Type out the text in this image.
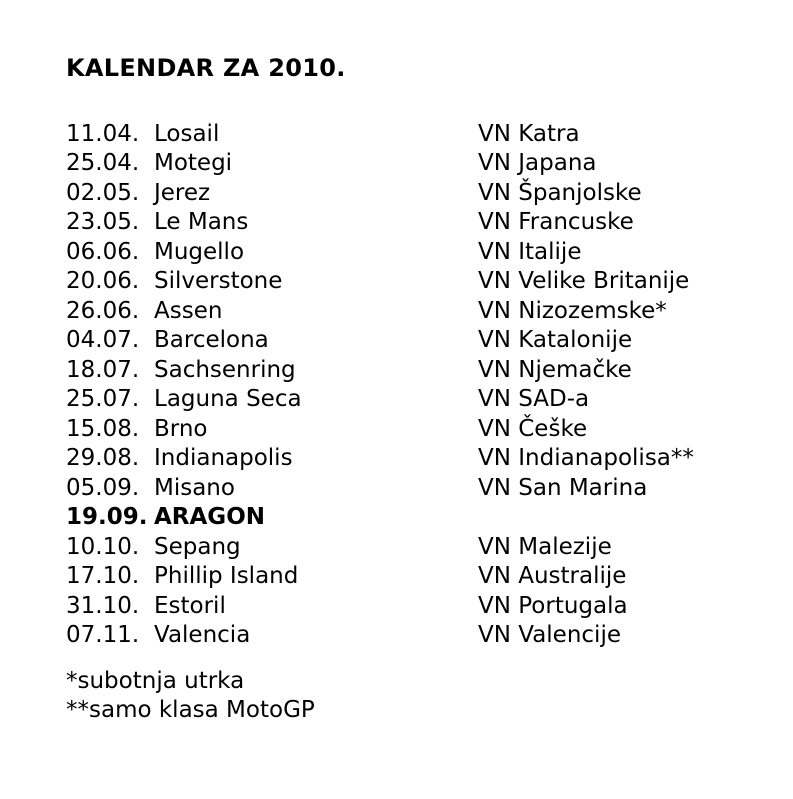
KALENDAR ZA 2010.
11.04. Losail	VN Katra
25.04. Motegi	VN Japana
02.05. Jerez	VN Španjolske
23.05. Le Mans	VN Francuske
06.06. Mugello	VN Italije
20.06. Silverstone	VN Velike Britanije
26.06. Assen	VN Nizozemske*
04.07. Barcelona	VN Katalonije
18.07. Sachsenring	VN Njemačke
25.07. Laguna Seca	VN SAD-a
15.08. Brno	VN Češke
29.08. Indianapolis	VN Indianapolisa**
05.09. Misano	VN San Marina
19.09. ARAGON
10.10. Sepang	VN Malezije
17.10. Phillip Island	VN Australije
31.10. Estoril	VN Portugala
07.11. Valencia	VN Valencije
*subotnja utrka
**samo klasa MotoGP
